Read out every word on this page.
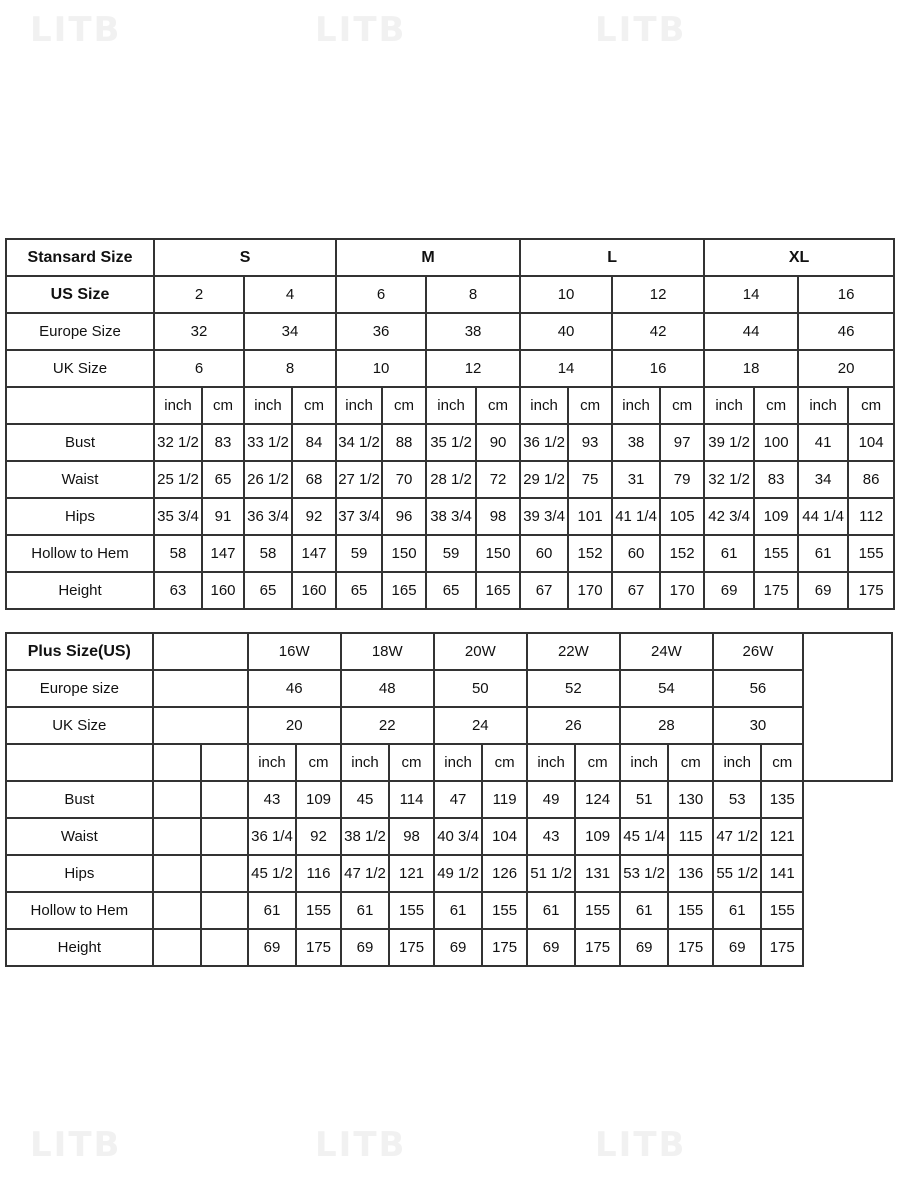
LITB	LITB	LITB
LITB	LITB	LITB
Stansard Size	S				M				L				XL			
US Size	2		4		6		8		10		12		14		16	
Europe Size	32		34		36		38		40		42		44		46	
UK Size	6		8		10		12		14		16		18		20	
	inch	cm	inch	cm	inch	cm	inch	cm	inch	cm	inch	cm	inch	cm	inch	cm
Bust	32 1/2	83	33 1/2	84	34 1/2	88	35 1/2	90	36 1/2	93	38	97	39 1/2	100	41	104
Waist	25 1/2	65	26 1/2	68	27 1/2	70	28 1/2	72	29 1/2	75	31	79	32 1/2	83	34	86
Hips	35 3/4	91	36 3/4	92	37 3/4	96	38 3/4	98	39 3/4	101	41 1/4	105	42 3/4	109	44 1/4	112
Hollow to Hem	58	147	58	147	59	150	59	150	60	152	60	152	61	155	61	155
Height	63	160	65	160	65	165	65	165	67	170	67	170	69	175	69	175
Plus Size(US)			16W		18W		20W		22W		24W		26W		
Europe size			46		48		50		52		54		56		
UK Size			20		22		24		26		28		30		
			inch	cm	inch	cm	inch	cm	inch	cm	inch	cm	inch	cm	
Bust			43	109	45	114	47	119	49	124	51	130	53	135	
Waist			36 1/4	92	38 1/2	98	40 3/4	104	43	109	45 1/4	115	47 1/2	121	
Hips			45 1/2	116	47 1/2	121	49 1/2	126	51 1/2	131	53 1/2	136	55 1/2	141	
Hollow to Hem			61	155	61	155	61	155	61	155	61	155	61	155	
Height			69	175	69	175	69	175	69	175	69	175	69	175	
